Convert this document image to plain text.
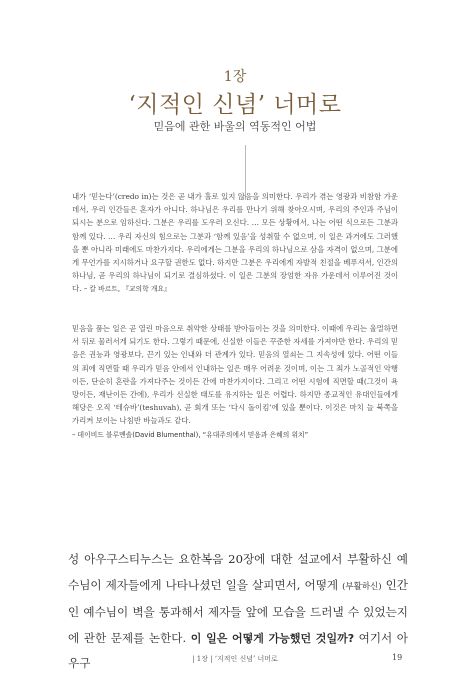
1장
‘지적인 신념’ 너머로
믿음에 관한 바울의 역동적인 어법

내가 ‘믿는다’(credo in)는 것은 곧 내가 홀로 있지 않음을 의미한다. 우리가 겪는 영광과 비참함 가운데서, 우리 인간들은 혼자가 아니다. 하나님은 우리를 만나기 위해 찾아오시며, 우리의 주인과 주님이 되시는 분으로 임하신다. 그분은 우리를 도우러 오신다. … 모든 상황에서, 나는 어떤 식으로든 그분과 함께 있다. … 우리 자신의 힘으로는 그분과 ‘함께 있음’을 성취할 수 없으며, 이 일은 과거에도 그러했을 뿐 아니라 미래에도 마찬가지다. 우리에게는 그분을 우리의 하나님으로 삼을 자격이 없으며, 그분에게 무언가를 지시하거나 요구할 권한도 없다. 하지만 그분은 우리에게 자발적 친절을 베푸셔서, 인간의 하나님, 곧 우리의 하나님이 되기로 결심하셨다. 이 일은 그분의 장엄한 자유 가운데서 이루어진 것이다. – 칼 바르트, 『교의학 개요』

믿음을 품는 일은 곧 열린 마음으로 취약한 상태를 받아들이는 것을 의미한다. 이때에 우리는 울멀하면서 뒤로 물러서게 되기도 한다. 그렇기 때문에, 신실한 이들은 꾸준한 자세를 가져야만 한다. 우리의 믿음은 권능과 영광보다, 끈기 있는 인내와 더 관계가 있다. 믿음의 열쇠는 그 지속성에 있다. 어떤 이들의 죄에 직면할 때 우리가 믿음 안에서 인내하는 일은 매우 어려운 것이며, 이는 그 죄가 노골적인 악행이든, 단순히 혼란을 가져다주는 것이든 간에 마찬가지이다. 그리고 어떤 시험에 직면할 때(그것이 욕망이든, 재난이든 간에), 우리가 신실한 태도를 유지하는 일은 어렵다. 하지만 종교적인 유대인들에게 해당은 오직 ‘테슈바’(teshuvah), 곧 회개 또는 ‘다시 돌이킴’에 있을 뿐이다. 이것은 마치 늘 북쪽을 가리켜 보이는 나침반 바늘과도 같다.
– 데이비드 블루멘솔(David Blumenthal), “유대주의에서 믿음과 은혜의 위치”

성 아우구스티누스는 요한복음 20장에 대한 설교에서 부활하신 예수님이 제자들에게 나타나셨던 일을 살피면서, 어떻게 (부활하신) 인간인 예수님이 벽을 통과해서 제자들 앞에 모습을 드러낼 수 있었는지에 관한 문제를 논한다. 이 일은 어떻게 가능했던 것일까? 여기서 아우구	| 1장 | ‘지적인 신념’ 너머로	19
